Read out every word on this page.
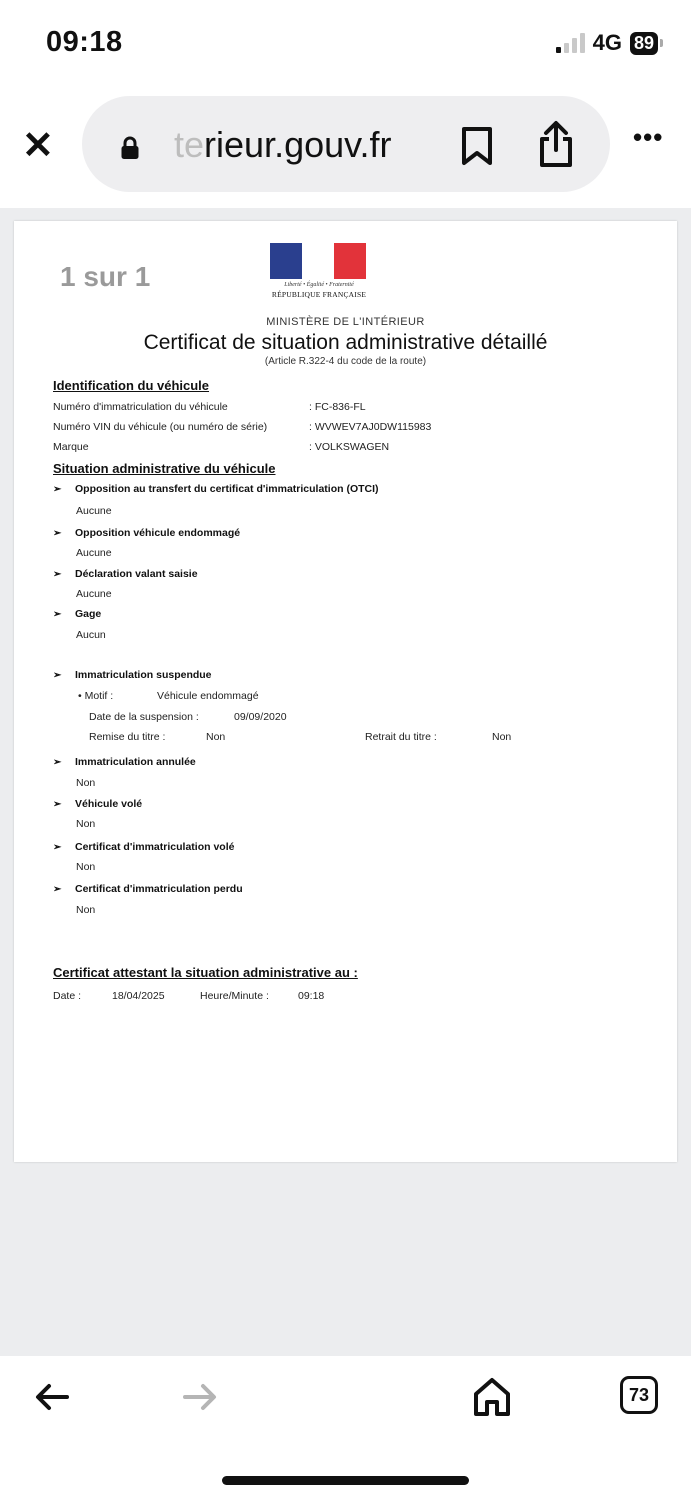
09:18	4G 89
✕	terieur.gouv.fr	•••
1 sur 1	Liberté • Égalité • Fraternité
RÉPUBLIQUE FRANÇAISE
MINISTÈRE DE L'INTÉRIEUR
Certificat de situation administrative détaillé
(Article R.322-4 du code de la route)
Identification du véhicule
Numéro d'immatriculation du véhicule	: FC-836-FL
Numéro VIN du véhicule (ou numéro de série)	: WVWEV7AJ0DW115983
Marque	: VOLKSWAGEN
Situation administrative du véhicule
➢ Opposition au transfert du certificat d'immatriculation (OTCI)
Aucune
➢ Opposition véhicule endommagé
Aucune
➢ Déclaration valant saisie
Aucune
➢ Gage
Aucun
➢ Immatriculation suspendue
• Motif :	Véhicule endommagé
Date de la suspension :	09/09/2020
Remise du titre :	Non	Retrait du titre :	Non
➢ Immatriculation annulée
Non
➢ Véhicule volé
Non
➢ Certificat d'immatriculation volé
Non
➢ Certificat d'immatriculation perdu
Non
Certificat attestant la situation administrative au :
Date :	18/04/2025	Heure/Minute :	09:18
73
